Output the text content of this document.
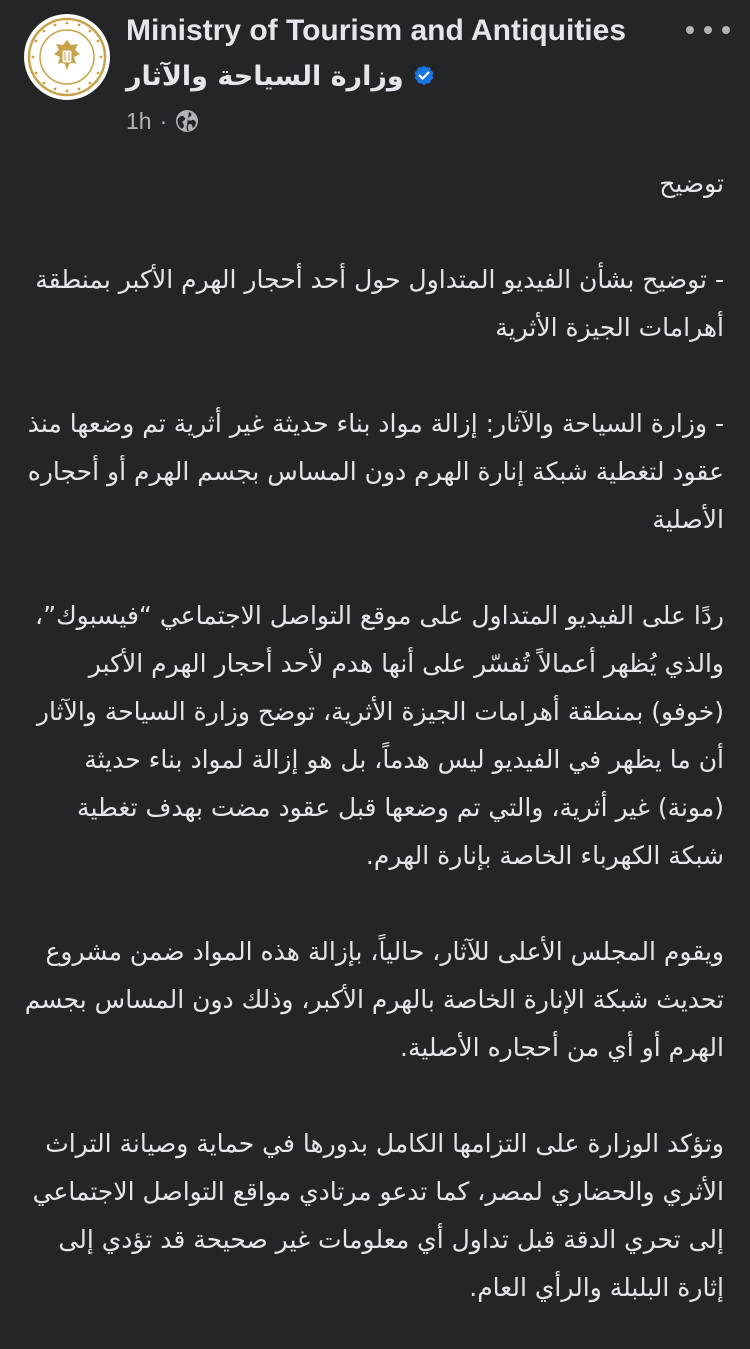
Ministry of Tourism and Antiquities
وزارة السياحة والآثار
1h ·

توضيح

- توضيح بشأن الفيديو المتداول حول أحد أحجار الهرم الأكبر بمنطقة أهرامات الجيزة الأثرية

- وزارة السياحة والآثار: إزالة مواد بناء حديثة غير أثرية تم وضعها منذ عقود لتغطية شبكة إنارة الهرم دون المساس بجسم الهرم أو أحجاره الأصلية

ردًا على الفيديو المتداول على موقع التواصل الاجتماعي “فيسبوك”، والذي يُظهر أعمالاً تُفسّر على أنها هدم لأحد أحجار الهرم الأكبر (خوفو) بمنطقة أهرامات الجيزة الأثرية، توضح وزارة السياحة والآثار أن ما يظهر في الفيديو ليس هدماً، بل هو إزالة لمواد بناء حديثة (مونة) غير أثرية، والتي تم وضعها قبل عقود مضت بهدف تغطية شبكة الكهرباء الخاصة بإنارة الهرم.

ويقوم المجلس الأعلى للآثار، حالياً، بإزالة هذه المواد ضمن مشروع تحديث شبكة الإنارة الخاصة بالهرم الأكبر، وذلك دون المساس بجسم الهرم أو أي من أحجاره الأصلية.

وتؤكد الوزارة على التزامها الكامل بدورها في حماية وصيانة التراث الأثري والحضاري لمصر، كما تدعو مرتادي مواقع التواصل الاجتماعي إلى تحري الدقة قبل تداول أي معلومات غير صحيحة قد تؤدي إلى إثارة البلبلة والرأي العام.
